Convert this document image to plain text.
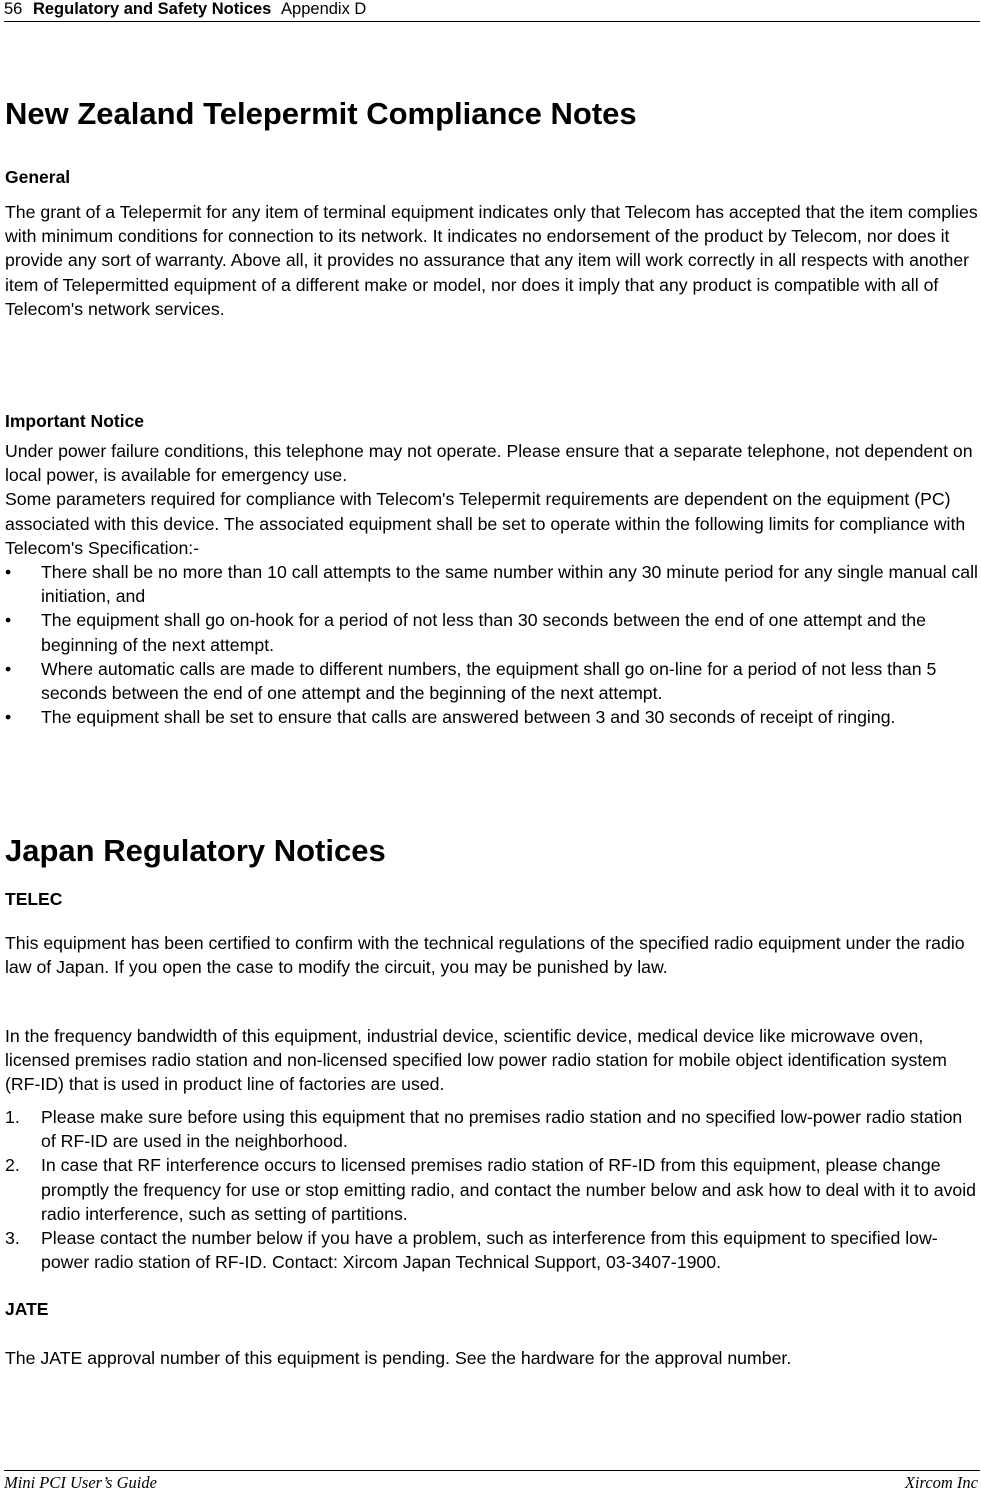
56 Regulatory and Safety Notices Appendix D
New Zealand Telepermit Compliance Notes
General

The grant of a Telepermit for any item of terminal equipment indicates only that Telecom has accepted that the item complies with minimum conditions for connection to its network. It indicates no endorsement of the product by Telecom, nor does it provide any sort of warranty. Above all, it provides no assurance that any item will work correctly in all respects with another item of Telepermitted equipment of a different make or model, nor does it imply that any product is compatible with all of Telecom's network services.

Important Notice

Under power failure conditions, this telephone may not operate. Please ensure that a separate telephone, not dependent on local power, is available for emergency use.

Some parameters required for compliance with Telecom's Telepermit requirements are dependent on the equipment (PC) associated with this device. The associated equipment shall be set to operate within the following limits for compliance with Telecom's Specification:-

• There shall be no more than 10 call attempts to the same number within any 30 minute period for any single manual call initiation, and
• The equipment shall go on-hook for a period of not less than 30 seconds between the end of one attempt and the beginning of the next attempt.
• Where automatic calls are made to different numbers, the equipment shall go on-line for a period of not less than 5 seconds between the end of one attempt and the beginning of the next attempt.
• The equipment shall be set to ensure that calls are answered between 3 and 30 seconds of receipt of ringing.
Japan Regulatory Notices
TELEC

This equipment has been certified to confirm with the technical regulations of the specified radio equipment under the radio law of Japan. If you open the case to modify the circuit, you may be punished by law.

In the frequency bandwidth of this equipment, industrial device, scientific device, medical device like microwave oven, licensed premises radio station and non-licensed specified low power radio station for mobile object identification system (RF-ID) that is used in product line of factories are used.

1. Please make sure before using this equipment that no premises radio station and no specified low-power radio station of RF-ID are used in the neighborhood.
2. In case that RF interference occurs to licensed premises radio station of RF-ID from this equipment, please change promptly the frequency for use or stop emitting radio, and contact the number below and ask how to deal with it to avoid radio interference, such as setting of partitions.
3. Please contact the number below if you have a problem, such as interference from this equipment to specified low-power radio station of RF-ID. Contact: Xircom Japan Technical Support, 03-3407-1900.
JATE

The JATE approval number of this equipment is pending. See the hardware for the approval number.

Mini PCI User’s Guide	Xircom Inc
